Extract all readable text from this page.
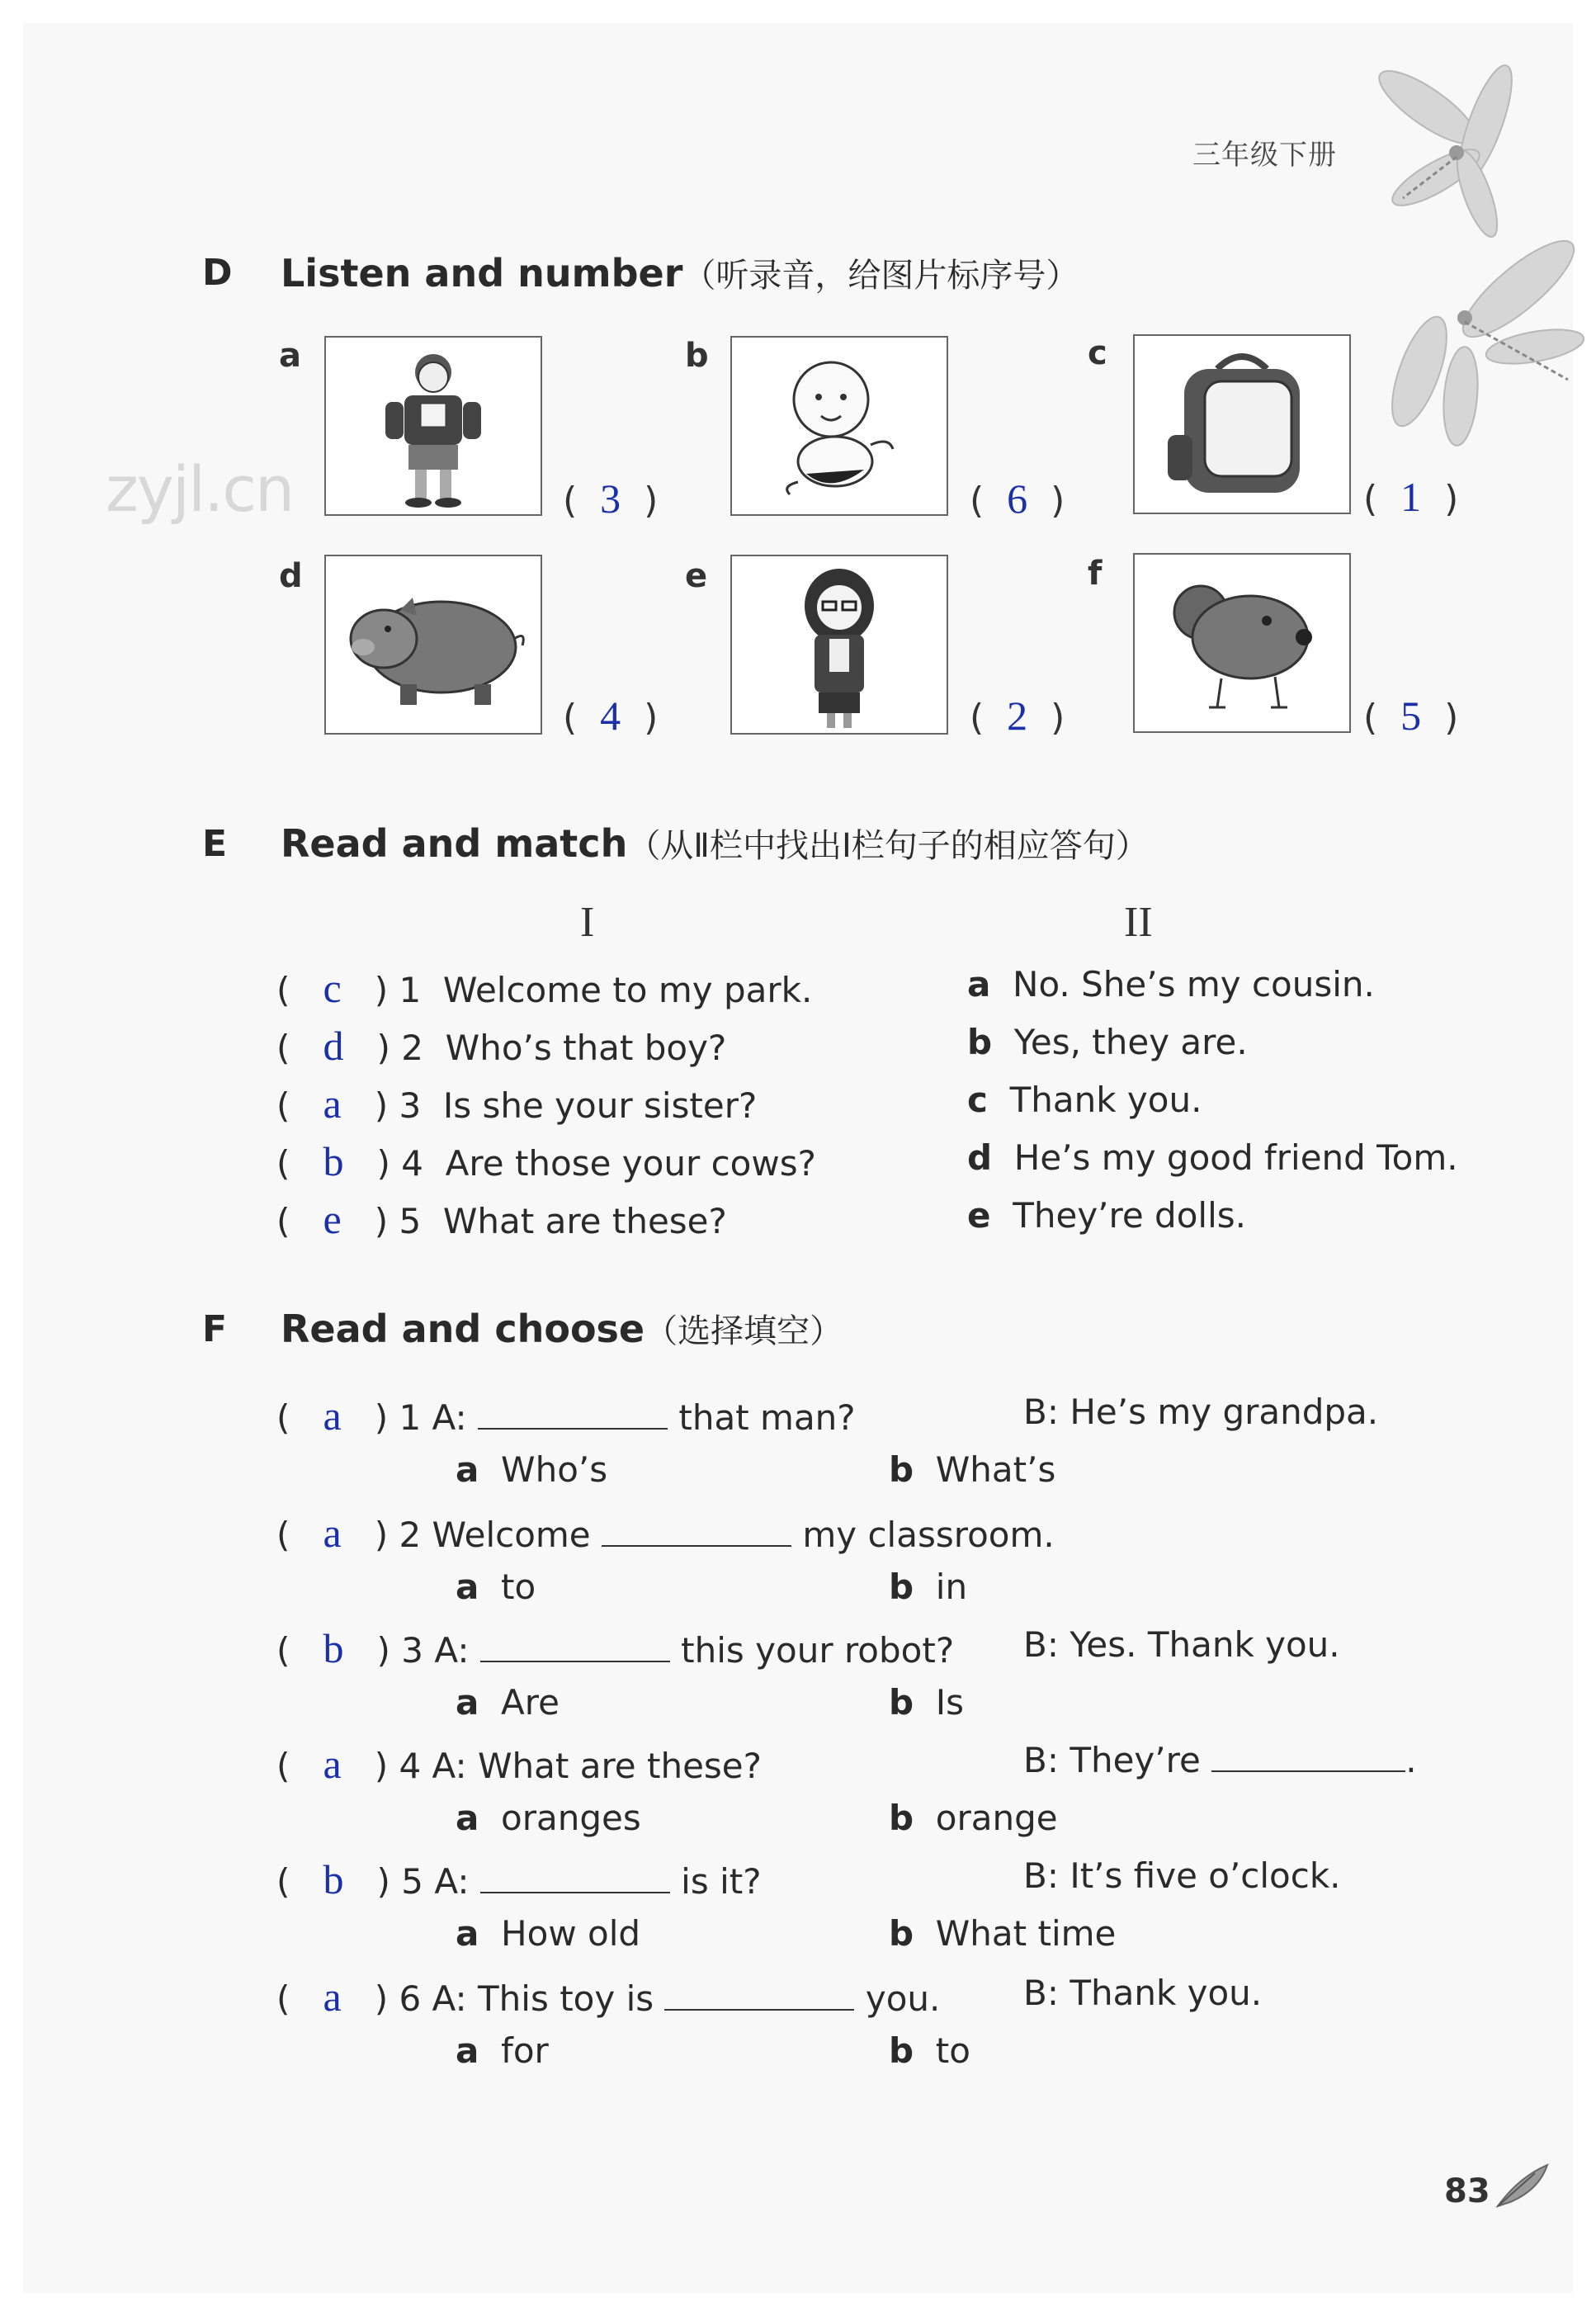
三年级下册
zyjl.cn
D Listen and number（听录音，给图片标序号）
a
(  3  )
b
(  6  )
c
(  1  )
d
(  4  )
e
(  2  )
f
(  5  )
E Read and match（从Ⅱ栏中找出Ⅰ栏句子的相应答句）
I	II
(   c   ) 1 Welcome to my park.	a No. She’s my cousin.
(   d   ) 2 Who’s that boy?	b Yes, they are.
(   a   ) 3 Is she your sister?	c Thank you.
(   b   ) 4 Are those your cows?	d He’s my good friend Tom.
(   e   ) 5 What are these?	e They’re dolls.
F Read and choose（选择填空）
(   a   ) 1 A:	that man?	B: He’s my grandpa.
a Who’s	b What’s
(   a   ) 2 Welcome	my classroom.
a to	b in
(   b   ) 3 A:	this your robot? B: Yes. Thank you.
a Are	b Is
(   a   ) 4 A: What are these?	B: They’re	.
a oranges	b orange
(   b   ) 5 A:	is it?	B: It’s five o’clock.
a How old	b What time
(   a   ) 6 A: This toy is	you. B: Thank you.
a for	b to
83
